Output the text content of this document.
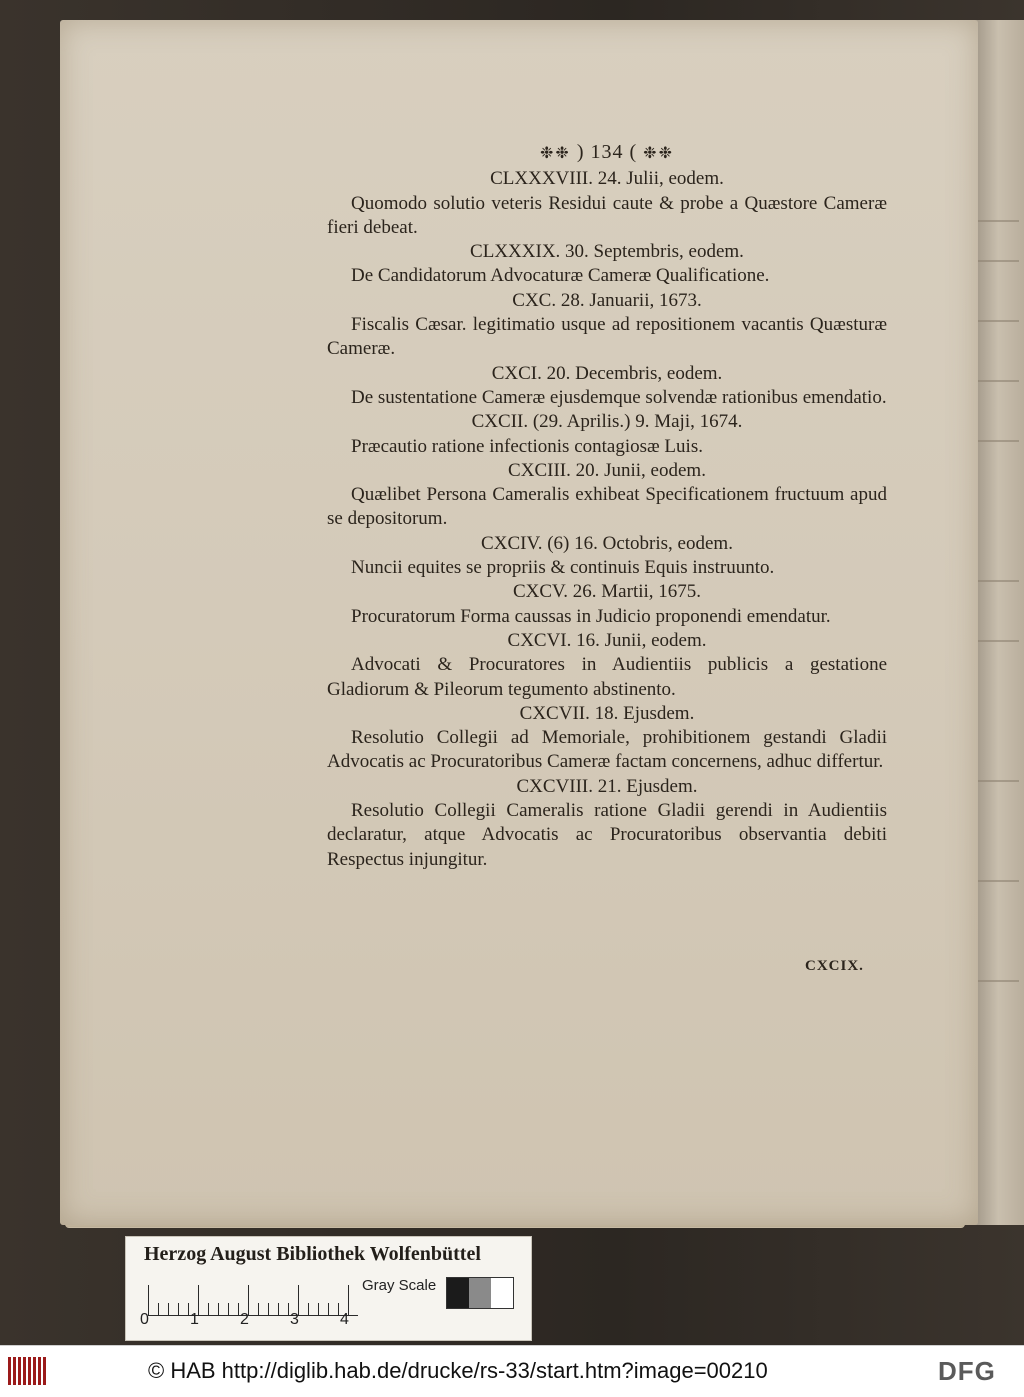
❉❉ ) 134 ( ❉❉
CLXXXVIII. 24. Julii, eodem.
Quomodo solutio veteris Residui caute & probe a Quæstore Cameræ fieri debeat.
CLXXXIX. 30. Septembris, eodem.
De Candidatorum Advocaturæ Cameræ Qualificatione.
CXC. 28. Januarii, 1673.
Fiscalis Cæsar. legitimatio usque ad repositionem vacantis Quæsturæ Cameræ.
CXCI. 20. Decembris, eodem.
De sustentatione Cameræ ejusdemque solvendæ rationibus emendatio.
CXCII. (29. Aprilis.) 9. Maji, 1674.
Præcautio ratione infectionis contagiosæ Luis.
CXCIII. 20. Junii, eodem.
Quælibet Persona Cameralis exhibeat Specificationem fructuum apud se depositorum.
CXCIV. (6) 16. Octobris, eodem.
Nuncii equites se propriis & continuis Equis instruunto.
CXCV. 26. Martii, 1675.
Procuratorum Forma caussas in Judicio proponendi emendatur.
CXCVI. 16. Junii, eodem.
Advocati & Procuratores in Audientiis publicis a gestatione Gladiorum & Pileorum tegumento abstinento.
CXCVII. 18. Ejusdem.
Resolutio Collegii ad Memoriale, prohibitionem gestandi Gladii Advocatis ac Procuratoribus Cameræ factam concernens, adhuc differtur.
CXCVIII. 21. Ejusdem.
Resolutio Collegii Cameralis ratione Gladii gerendi in Audientiis declaratur, atque Advocatis ac Procuratoribus observantia debiti Respectus injungitur.
CXCIX.
Herzog August Bibliothek Wolfenbüttel
0	1	2	3	4
Gray Scale
© HAB http://diglib.hab.de/drucke/rs-33/start.htm?image=00210	DFG
